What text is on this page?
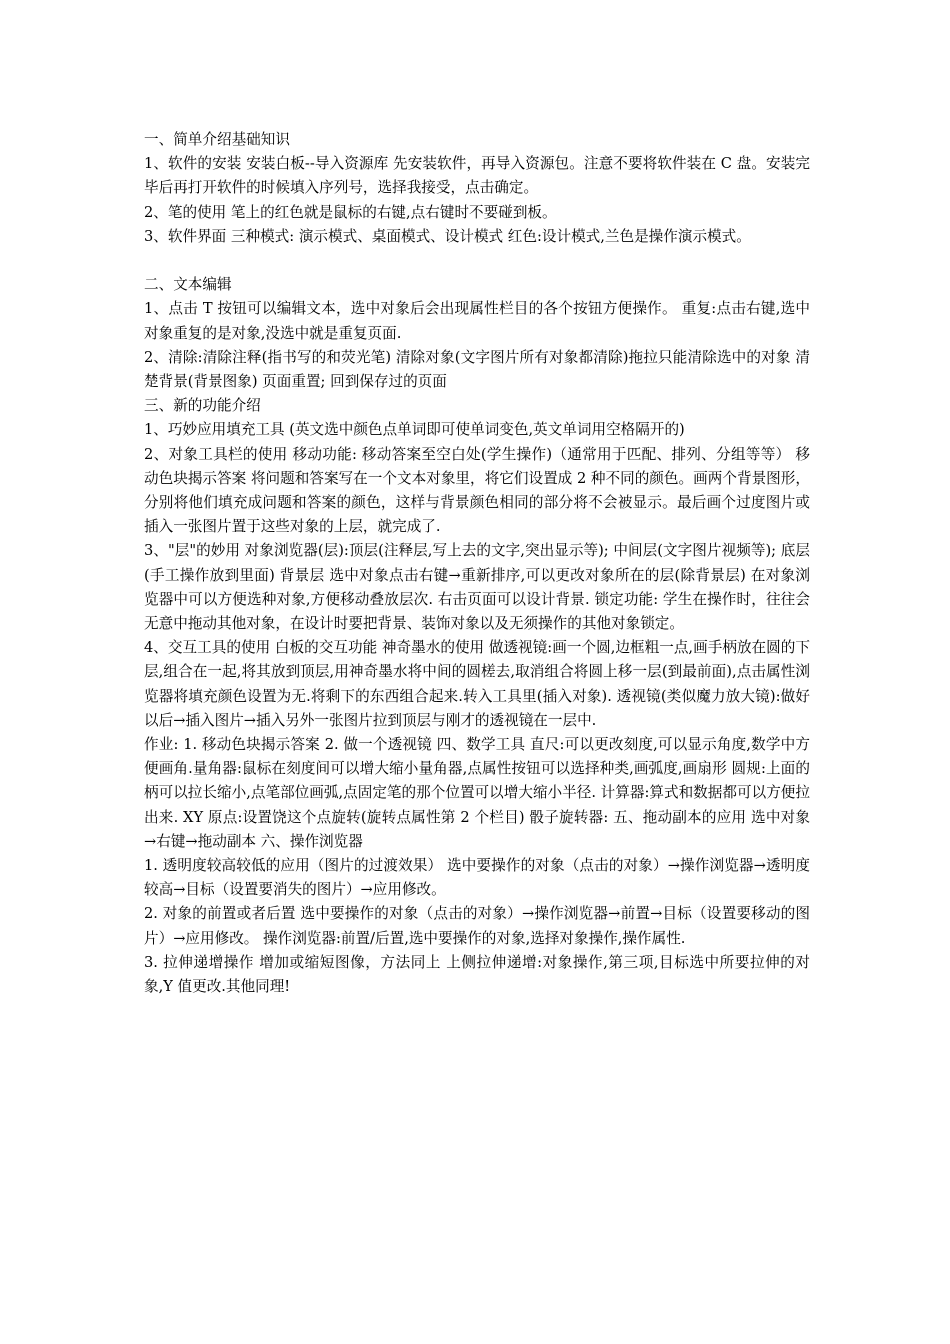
一、简单介绍基础知识

1、软件的安装 安装白板--导入资源库 先安装软件，再导入资源包。注意不要将软件装在 C 盘。安装完毕后再打开软件的时候填入序列号，选择我接受，点击确定。

2、笔的使用 笔上的红色就是鼠标的右键,点右键时不要碰到板。

3、软件界面 三种模式: 演示模式、桌面模式、设计模式 红色:设计模式,兰色是操作演示模式。

二、文本编辑

1、点击 T 按钮可以编辑文本，选中对象后会出现属性栏目的各个按钮方便操作。 重复:点击右键,选中对象重复的是对象,没选中就是重复页面.

2、清除:清除注释(指书写的和荧光笔) 清除对象(文字图片所有对象都清除)拖拉只能清除选中的对象 清楚背景(背景图象) 页面重置; 回到保存过的页面

三、新的功能介绍

1、巧妙应用填充工具 (英文选中颜色点单词即可使单词变色,英文单词用空格隔开的)

2、对象工具栏的使用 移动功能: 移动答案至空白处(学生操作)（通常用于匹配、排列、分组等等） 移动色块揭示答案 将问题和答案写在一个文本对象里，将它们设置成 2 种不同的颜色。画两个背景图形，分别将他们填充成问题和答案的颜色，这样与背景颜色相同的部分将不会被显示。最后画个过度图片或插入一张图片置于这些对象的上层，就完成了.

3、"层"的妙用 对象浏览器(层):顶层(注释层,写上去的文字,突出显示等); 中间层(文字图片视频等); 底层(手工操作放到里面) 背景层 选中对象点击右键→重新排序,可以更改对象所在的层(除背景层) 在对象浏览器中可以方便选种对象,方便移动叠放层次. 右击页面可以设计背景. 锁定功能: 学生在操作时，往往会无意中拖动其他对象，在设计时要把背景、装饰对象以及无须操作的其他对象锁定。

4、交互工具的使用 白板的交互功能 神奇墨水的使用 做透视镜:画一个圆,边框粗一点,画手柄放在圆的下层,组合在一起,将其放到顶层,用神奇墨水将中间的圆槎去,取消组合将圆上移一层(到最前面),点击属性浏览器将填充颜色设置为无.将剩下的东西组合起来.转入工具里(插入对象). 透视镜(类似魔力放大镜):做好以后→插入图片→插入另外一张图片拉到顶层与刚才的透视镜在一层中.

作业: 1. 移动色块揭示答案 2. 做一个透视镜 四、数学工具 直尺:可以更改刻度,可以显示角度,数学中方便画角.量角器:鼠标在刻度间可以增大缩小量角器,点属性按钮可以选择种类,画弧度,画扇形 圆规:上面的柄可以拉长缩小,点笔部位画弧,点固定笔的那个位置可以增大缩小半径. 计算器:算式和数据都可以方便拉出来. XY 原点:设置饶这个点旋转(旋转点属性第 2 个栏目) 骰子旋转器: 五、拖动副本的应用 选中对象→右键→拖动副本 六、操作浏览器

1. 透明度较高较低的应用（图片的过渡效果） 选中要操作的对象（点击的对象）→操作浏览器→透明度较高→目标（设置要消失的图片）→应用修改。

2. 对象的前置或者后置 选中要操作的对象（点击的对象）→操作浏览器→前置→目标（设置要移动的图片）→应用修改。 操作浏览器:前置/后置,选中要操作的对象,选择对象操作,操作属性.

3. 拉伸递增操作 增加或缩短图像，方法同上 上侧拉伸递增:对象操作,第三项,目标选中所要拉伸的对象,Y 值更改.其他同理!
